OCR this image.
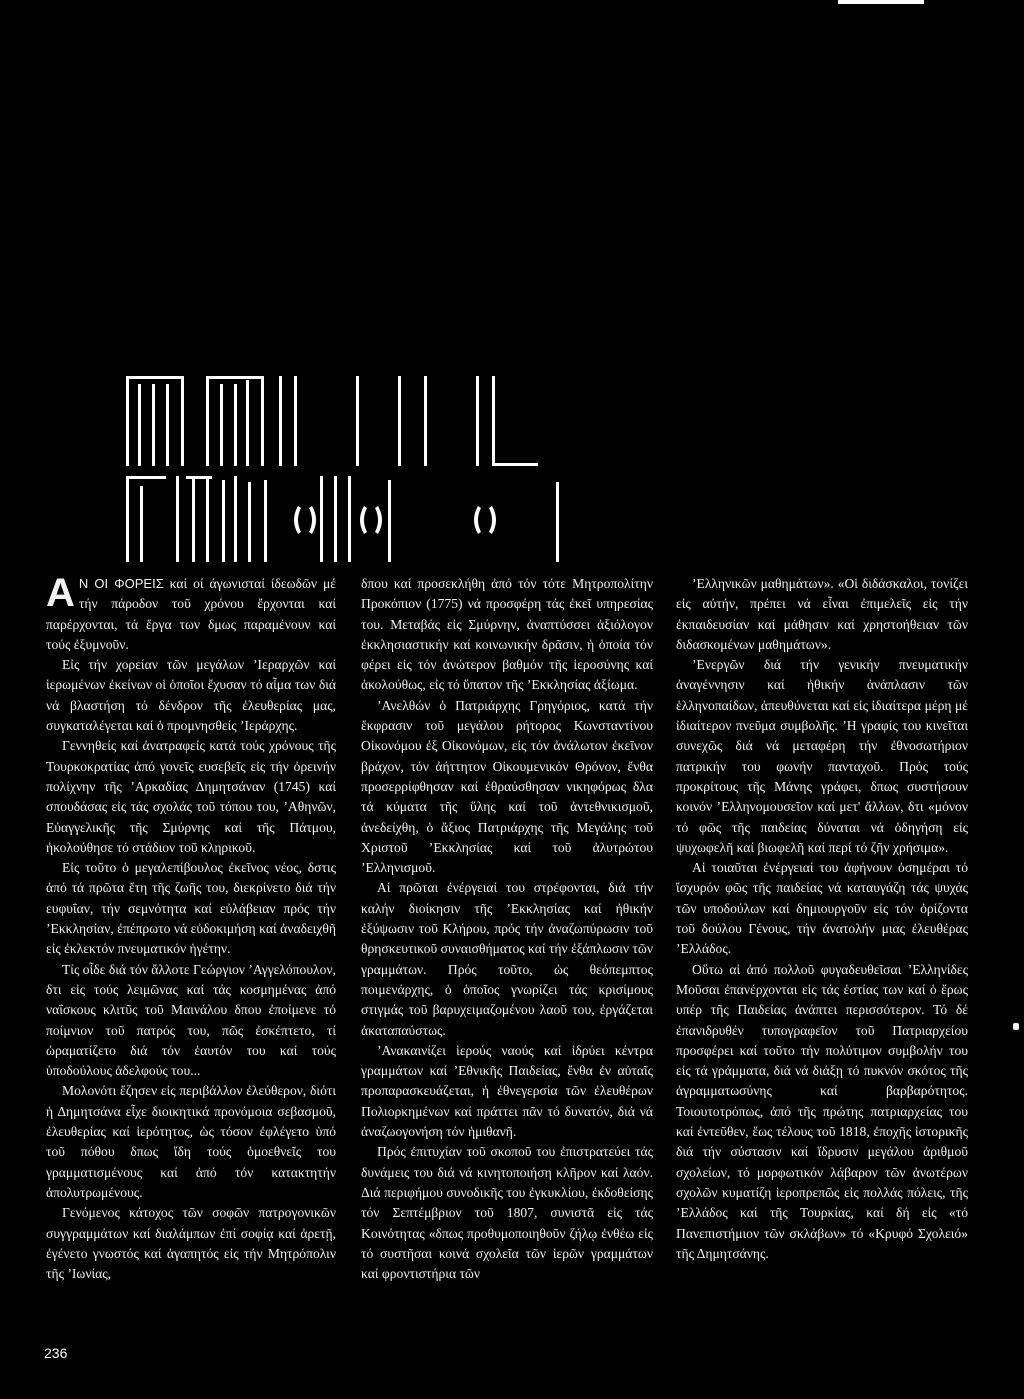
Α Ν ΟΙ ΦΟΡΕΙΣ καί οί άγωνισταί ίδεωδῶν μέ τήν πάροδον τοῦ χρόνου ἔρχονται καί παρέρχονται, τά ἔργα των δμως παραμένουν καί τούς ἐξυμνοῦν.

Εἰς τήν χορείαν τῶν μεγάλων ʼΙεραρχῶν καί ἱερωμένων ἐκείνων οἱ ὁποῖοι ἔχυσαν τό αἷμα των διά νά βλαστήση τό δένδρον τῆς ἐλευθερίας μας, συγκαταλέγεται καί ὁ προμνησθείς ʼΙεράρχης.

Γεννηθείς καί ἀνατραφείς κατά τούς χρόνους τῆς Τουρκοκρατίας ἀπό γονεῖς ευσεβεῖς εἰς τήν ὀρεινήν πολίχνην τῆς ʼΑρκαδίας Δημητσάναν (1745) καί σπουδάσας εἰς τάς σχολάς τοῦ τόπου του, ʼΑθηνῶν, Εὐαγγελικῆς τῆς Σμύρνης καί τῆς Πάτμου, ἠκολούθησε τό στάδιον τοῦ κληρικοῦ.

Εἰς τοῦτο ὁ μεγαλεπίβουλος ἐκεῖνος νέος, δστις ἀπό τά πρῶτα ἔτη τῆς ζωῆς του, διεκρίνετο διά τήν ευφυΐαν, τήν σεμνότητα καί εὐλάβειαν πρός τήν ʼΕκκλησίαν, ἐπέπρωτο νά εὐδοκιμήση καί ἀναδειχθῆ εἰς ἐκλεκτόν πνευματικόν ἡγέτην.

Τίς οἶδε διά τόν ἄλλοτε Γεώργιον ʼΑγγελόπουλον, δτι εἰς τούς λειμῶνας καί τάς κοσμημένας ἀπό ναΐσκους κλιτῦς τοῦ Μαινάλου δπου ἐποίμενε τό ποίμνιον τοῦ πατρός του, πῶς ἐσκέπτετο, τί ὠραματίζετο διά τόν ἑαυτόν του καί τούς ὑποδούλους ἀδελφούς του...

Μολονότι ἔζησεν εἰς περιβάλλον ἐλεύθερον, διότι ἡ Δημητσάνα εἶχε διοικητικά προνόμοια σεβασμοῦ, ἐλευθερίας καί ἱερότητος, ὡς τόσον ἐφλέγετο ὑπό τοῦ πόθου δπως ἴδη τούς ὁμοεθνεῖς του γραμματισμένους καί ἀπό τόν κατακτητήν ἀπολυτρωμένους.

Γενόμενος κάτοχος τῶν σοφῶν πατρογονικῶν συγγραμμάτων καί διαλάμπων ἐπί σοφίᾳ καί ἀρετῇ, ἐγένετο γνωστός καί ἀγαπητός εἰς τήν Μητρόπολιν τῆς ʼΙωνίας,

δπου καί προσεκλήθη ἀπό τόν τότε Μητροπολίτην Προκόπιον (1775) νά προσφέρη τάς ἐκεῖ υπηρεσίας του. Μεταβάς εἰς Σμύρνην, ἀναπτύσσει ἀξιόλογον ἐκκλησιαστικήν καί κοινωνικήν δρᾶσιν, ἡ ὁποία τόν φέρει εἰς τόν ἀνώτερον βαθμόν τῆς ἱεροσύνης καί ἀκολούθως, εἰς τό ὕπατον τῆς ʼΕκκλησίας ἀξίωμα.

ʼΑνελθών ὁ Πατριάρχης Γρηγόριος, κατά τήν ἔκφρασιν τοῦ μεγάλου ρήτορος Κωνσταντίνου Οἰκονόμου ἐξ Οἰκονόμων, εἰς τόν ἀνάλωτον ἐκεῖνον βράχον, τόν ἀήττητον Οἰκουμενικόν Θρόνον, ἔνθα προσερρίφθησαν καί ἐθραύσθησαν νικηφόρως δλα τά κύματα τῆς ὕλης καί τοῦ ἀντεθνικισμοῦ, ἀνεδείχθη, ὁ ἄξιος Πατριάρχης τῆς Μεγάλης τοῦ Χριστοῦ ʼΕκκλησίας καί τοῦ ἀλυτρώτου ʼΕλληνισμοῦ.

Αἱ πρῶται ἐνέργειαί του στρέφονται, διά τήν καλήν διοίκησιν τῆς ʼΕκκλησίας καί ἠθικήν ἐξύψωσιν τοῦ Κλήρου, πρός τήν ἀναζωπύρωσιν τοῦ θρησκευτικοῦ συναισθήματος καί τήν ἐξάπλωσιν τῶν γραμμάτων. Πρός τοῦτο, ὡς θεόπεμπτος ποιμενάρχης, ὁ ὁποῖος γνωρίζει τάς κρισίμους στιγμάς τοῦ βαρυχειμαζομένου λαοῦ του, ἐργάζεται ἀκαταπαύστως.

ʼΑνακαινίζει ἱερούς ναούς καί ἱδρύει κέντρα γραμμάτων καί ʼΕθνικῆς Παιδείας, ἔνθα ἐν αὐταῖς προπαρασκευάζεται, ἡ ἐθνεγερσία τῶν ἐλευθέρων Πολιορκημένων καί πράττει πᾶν τό δυνατόν, διά νά ἀναζωογονήση τόν ἡμιθανῆ.

Πρός ἐπιτυχίαν τοῦ σκοποῦ του ἐπιστρατεύει τάς δυνάμεις του διά νά κινητοποιήση κλῆρον καί λαόν. Διά περιφήμου συνοδικῆς του ἐγκυκλίου, ἐκδοθείσης τόν Σεπτέμβριον τοῦ 1807, συνιστᾶ εἰς τάς Κοινότητας «δπως προθυμοποιηθοῦν ζήλῳ ἐνθέω εἰς τό συστῆσαι κοινά σχολεῖα τῶν ἱερῶν γραμμάτων καί φροντιστήρια τῶν

ʼΕλληνικῶν μαθημάτων». «Οἱ διδάσκαλοι, τονίζει εἰς αὐτήν, πρέπει νά εἶναι ἐπιμελεῖς εἰς τήν ἐκπαιδευσίαν καί μάθησιν καί χρηστοήθειαν τῶν διδασκομένων μαθημάτων».

ʼΕνεργῶν διά τήν γενικήν πνευματικήν ἀναγέννησιν καί ἠθικήν ἀνάπλασιν τῶν ἑλληνοπαίδων, ἀπευθύνεται καί εἰς ἰδιαίτερα μέρη μέ ἰδιαίτερον πνεῦμα συμβολῆς. ʼΗ γραφίς του κινεῖται συνεχῶς διά νά μεταφέρη τήν ἐθνοσωτήριον πατρικήν του φωνήν πανταχοῦ. Πρός τούς προκρίτους τῆς Μάνης γράφει, δπως συστήσουν κοινόν ʼΕλληνομουσεῖον καί μετ' ἄλλων, δτι «μόνον τό φῶς τῆς παιδείας δύναται νά ὁδηγήση εἰς ψυχωφελῆ καί βιωφελῆ καί περί τό ζῆν χρήσιμα».

Αἱ τοιαῦται ἐνέργειαί του ἀφήνουν ὀσημέραι τό ἴσχυρόν φῶς τῆς παιδείας νά καταυγάζη τάς ψυχάς τῶν υποδούλων καί δημιουργοῦν εἰς τόν ὀρίζοντα τοῦ δούλου Γένους, τήν ἀνατολήν μιας ἐλευθέρας ʼΕλλάδος.

Οὕτω αἱ ἀπό πολλοῦ φυγαδευθεῖσαι ʼΕλληνίδες Μοῦσαι ἐπανέρχονται εἰς τάς ἑστίας των καί ὁ ἔρως υπέρ τῆς Παιδείας ἀνάπτει περισσότερον. Τό δέ ἐπανιδρυθέν τυπογραφεῖον τοῦ Πατριαρχείου προσφέρει καί τοῦτο τήν πολύτιμον συμβολήν του εἰς τά γράμματα, διά νά διάξῃ τό πυκνόν σκότος τῆς ἀγραμματωσύνης καί βαρβαρότητος. Τοιουτοτρόπως, ἀπό τῆς πρώτης πατριαρχείας του καί ἐντεῦθεν, ἕως τέλους τοῦ 1818, ἐποχῆς ἱστορικῆς διά τήν σύστασιν καί ἵδρυσιν μεγάλου ἀριθμοῦ σχολείων, τό μορφωτικόν λάβαρον τῶν ἀνωτέρων σχολῶν κυματίζη ἱεροπρεπῶς εἰς πολλάς πόλεις, τῆς ʼΕλλάδος καί τῆς Τουρκίας, καί δή εἰς «τό Πανεπιστήμιον τῶν σκλάβων» τό «Κρυφό Σχολειό» τῆς Δημητσάνης.

236
